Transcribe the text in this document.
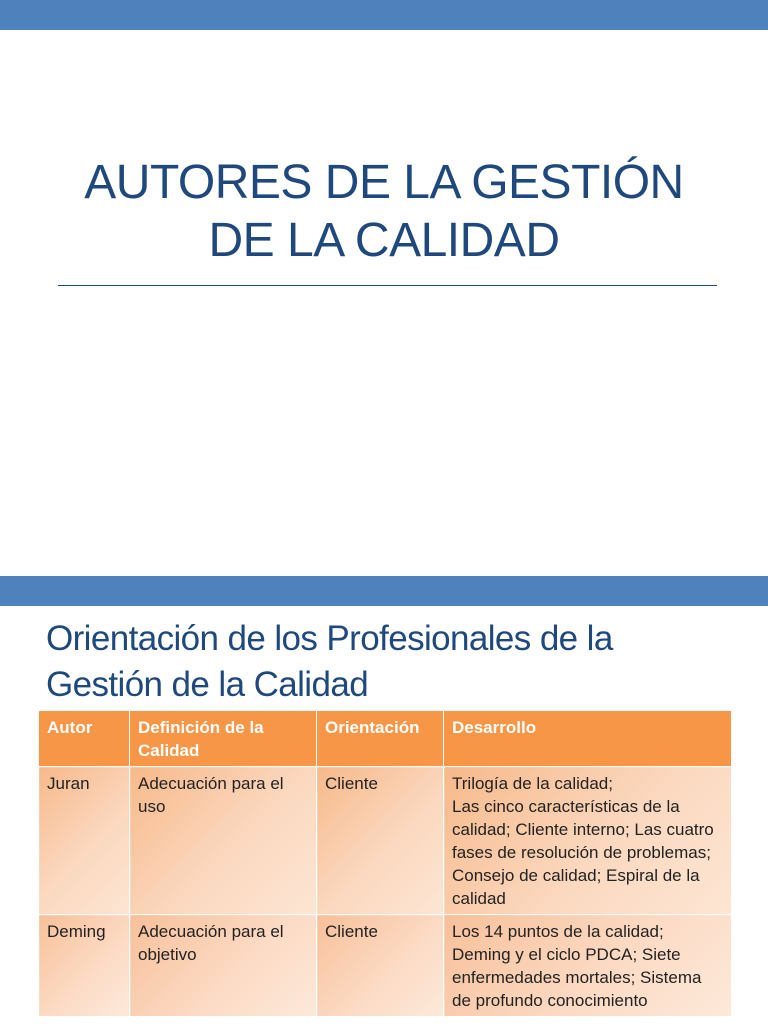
AUTORES DE LA GESTIÓN
DE LA CALIDAD
Orientación de los Profesionales de la
Gestión de la Calidad
Autor	Definición de la Calidad	Orientación	Desarrollo
Juran	Adecuación para el uso	Cliente	Trilogía de la calidad;
Las cinco características de la calidad; Cliente interno; Las cuatro fases de resolución de problemas; Consejo de calidad; Espiral de la calidad

Deming	Adecuación para el objetivo	Cliente	Los 14 puntos de la calidad; Deming y el ciclo PDCA; Siete enfermedades mortales; Sistema de profundo conocimiento
